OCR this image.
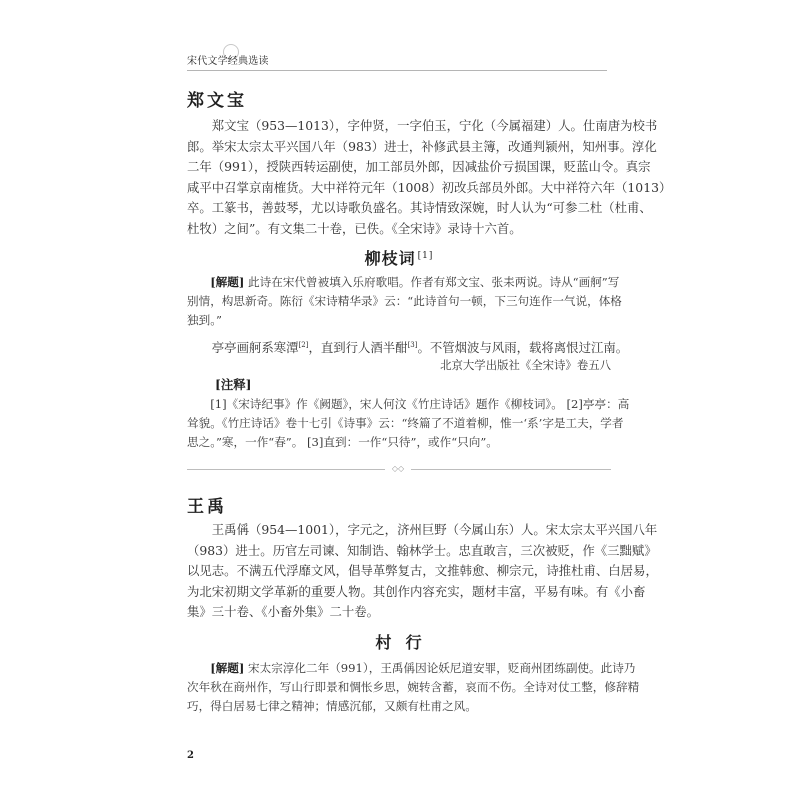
宋代文学经典选读
郑文宝
郑文宝（953—1013），字仲贤，一字伯玉，宁化（今属福建）人。仕南唐为校书
郎。举宋太宗太平兴国八年（983）进士，补修武县主簿，改通判颍州，知州事。淳化
二年（991），授陕西转运副使，加工部员外郎，因减盐价亏损国课，贬蓝山令。真宗
咸平中召掌京南榷货。大中祥符元年（1008）初改兵部员外郎。大中祥符六年（1013）
卒。工篆书，善鼓琴，尤以诗歌负盛名。其诗情致深婉，时人认为“可参二杜（杜甫、
杜牧）之间”。有文集二十卷，已佚。《全宋诗》录诗十六首。
柳枝词 [1]
[解题] 此诗在宋代曾被填入乐府歌唱。作者有郑文宝、张耒两说。诗从“画舸”写
别情，构思新奇。陈衍《宋诗精华录》云：“此诗首句一顿，下三句连作一气说，体格
独到。”
亭亭画舸系寒潭[2]，直到行人酒半酣[3]。不管烟波与风雨，载将离恨过江南。
北京大学出版社《全宋诗》卷五八
[注释]
[1]《宋诗纪事》作《阙题》，宋人何汶《竹庄诗话》题作《柳枝词》。 [2]亭亭：高
耸貌。《竹庄诗话》卷十七引《诗事》云：“终篇了不道着柳，惟一‘系’字是工夫，学者
思之。”寒，一作“春”。 [3]直到：一作“只待”，或作“只向”。
◇◇
王禹
王禹偁（954—1001），字元之，济州巨野（今属山东）人。宋太宗太平兴国八年
（983）进士。历官左司谏、知制诰、翰林学士。忠直敢言，三次被贬，作《三黜赋》
以见志。不满五代浮靡文风，倡导革弊复古，文推韩愈、柳宗元，诗推杜甫、白居易，
为北宋初期文学革新的重要人物。其创作内容充实，题材丰富，平易有味。有《小畜
集》三十卷、《小畜外集》二十卷。
村  行
[解题] 宋太宗淳化二年（991），王禹偁因论妖尼道安罪，贬商州团练副使。此诗乃
次年秋在商州作，写山行即景和惆怅乡思，婉转含蓄，哀而不伤。全诗对仗工整，修辞精
巧，得白居易七律之精神；情感沉郁，又颇有杜甫之风。
2
